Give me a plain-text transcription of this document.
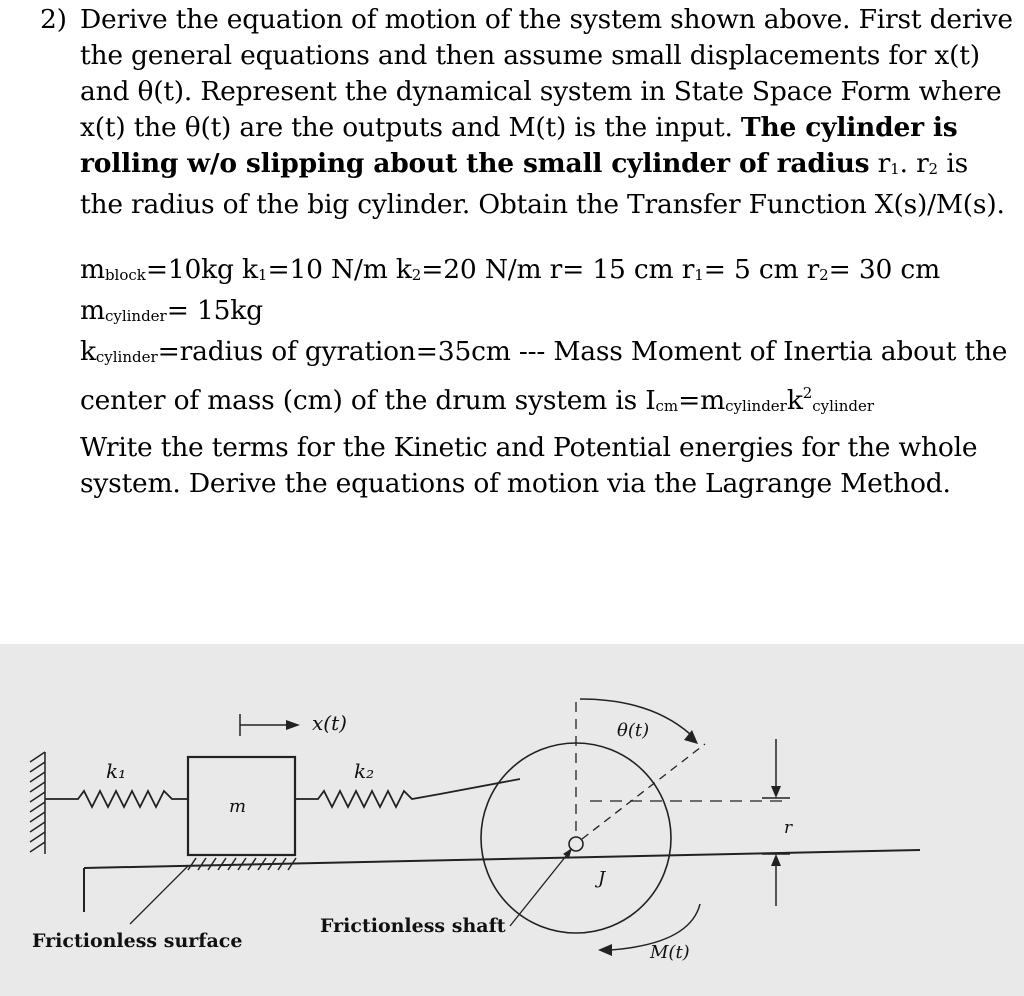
2) Derive the equation of motion of the system shown above. First derive the general equations and then assume small displacements for x(t) and θ(t). Represent the dynamical system in State Space Form where x(t) the θ(t) are the outputs and M(t) is the input. The cylinder is rolling w/o slipping about the small cylinder of radius r1. r2 is the radius of the big cylinder. Obtain the Transfer Function X(s)/M(s).
mblock=10kg k1=10 N/m k2=20 N/m r= 15 cm r1= 5 cm r2= 30 cm
mcylinder= 15kg
kcylinder=radius of gyration=35cm --- Mass Moment of Inertia about the center of mass (cm) of the drum system is Icm=mcylinderk$^2$cylinder
Write the terms for the Kinetic and Potential energies for the whole system. Derive the equations of motion via the Lagrange Method.
x(t)	θ(t)
k₁	k₂
m
J
r
M(t)
Frictionless surface
Frictionless shaft
